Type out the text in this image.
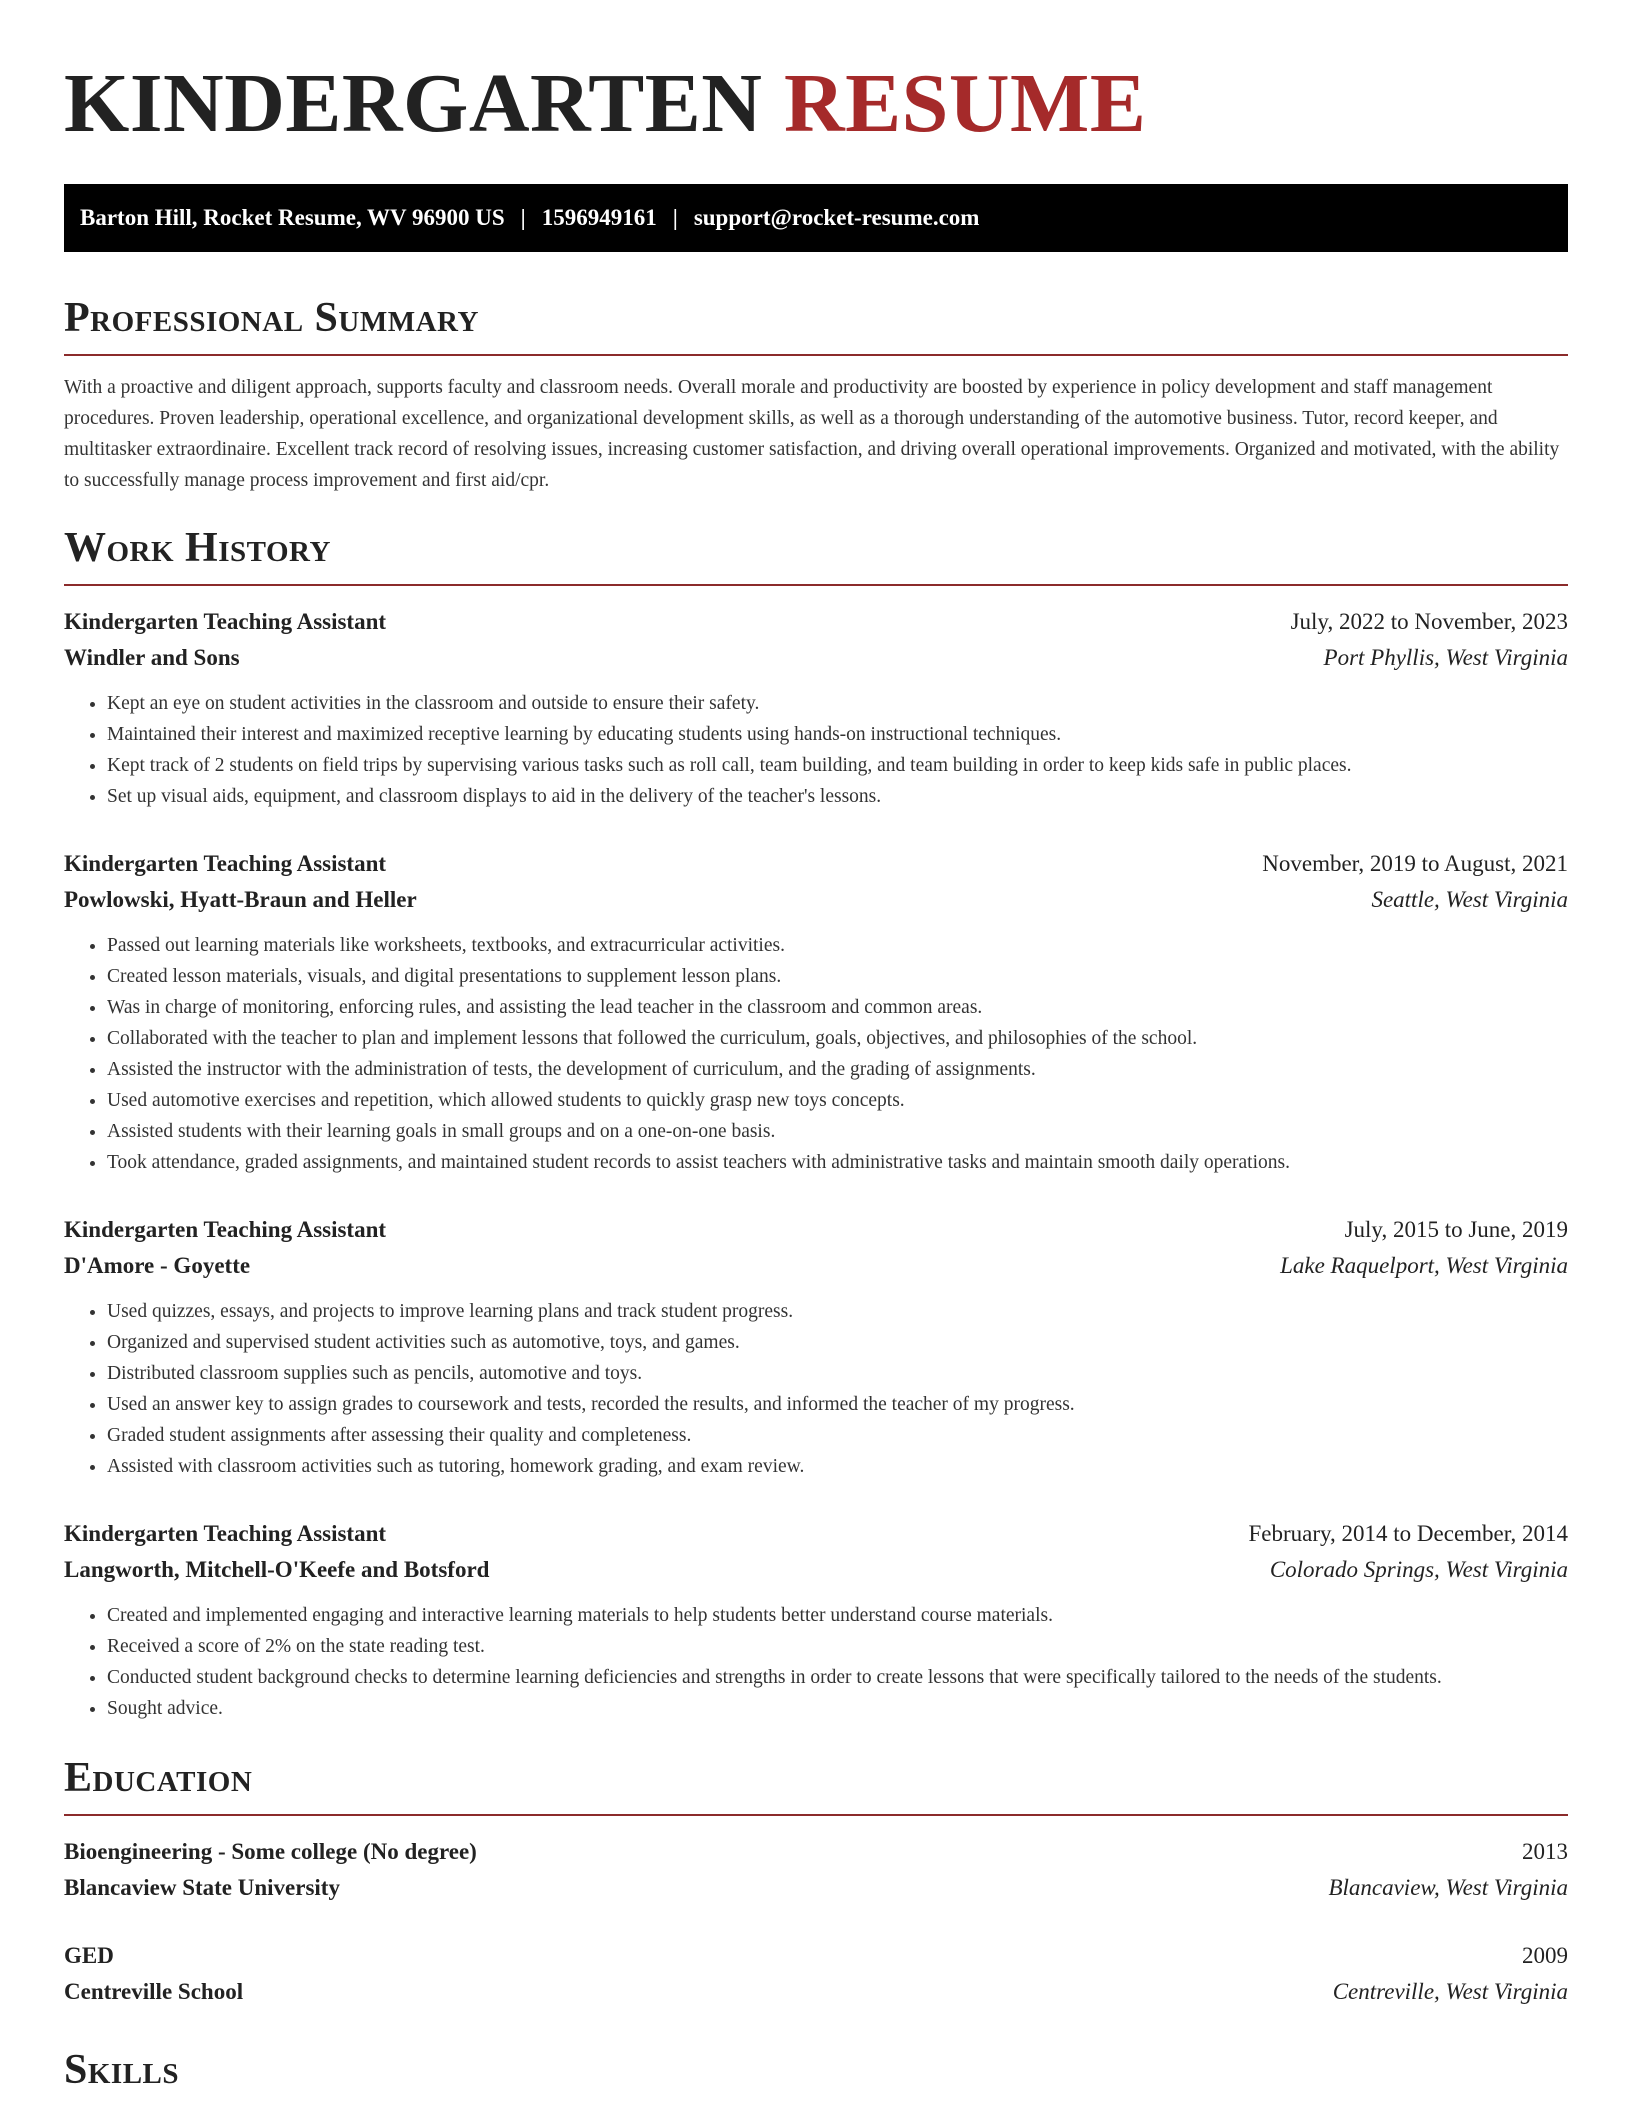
KINDERGARTEN RESUME
Barton Hill, Rocket Resume, WV 96900 US | 1596949161 | support@rocket-resume.com
Professional Summary

With a proactive and diligent approach, supports faculty and classroom needs. Overall morale and productivity are boosted by experience in policy development and staff management procedures. Proven leadership, operational excellence, and organizational development skills, as well as a thorough understanding of the automotive business. Tutor, record keeper, and multitasker extraordinaire. Excellent track record of resolving issues, increasing customer satisfaction, and driving overall operational improvements. Organized and motivated, with the ability to successfully manage process improvement and first aid/cpr.

Work History
Kindergarten Teaching Assistant	July, 2022 to November, 2023
Windler and Sons	Port Phyllis, West Virginia
• Kept an eye on student activities in the classroom and outside to ensure their safety.
• Maintained their interest and maximized receptive learning by educating students using hands-on instructional techniques.
• Kept track of 2 students on field trips by supervising various tasks such as roll call, team building, and team building in order to keep kids safe in public places.
• Set up visual aids, equipment, and classroom displays to aid in the delivery of the teacher's lessons.
Kindergarten Teaching Assistant	November, 2019 to August, 2021
Powlowski, Hyatt-Braun and Heller	Seattle, West Virginia
• Passed out learning materials like worksheets, textbooks, and extracurricular activities.
• Created lesson materials, visuals, and digital presentations to supplement lesson plans.
• Was in charge of monitoring, enforcing rules, and assisting the lead teacher in the classroom and common areas.
• Collaborated with the teacher to plan and implement lessons that followed the curriculum, goals, objectives, and philosophies of the school.
• Assisted the instructor with the administration of tests, the development of curriculum, and the grading of assignments.
• Used automotive exercises and repetition, which allowed students to quickly grasp new toys concepts.
• Assisted students with their learning goals in small groups and on a one-on-one basis.
• Took attendance, graded assignments, and maintained student records to assist teachers with administrative tasks and maintain smooth daily operations.
Kindergarten Teaching Assistant	July, 2015 to June, 2019
D'Amore - Goyette	Lake Raquelport, West Virginia
• Used quizzes, essays, and projects to improve learning plans and track student progress.
• Organized and supervised student activities such as automotive, toys, and games.
• Distributed classroom supplies such as pencils, automotive and toys.
• Used an answer key to assign grades to coursework and tests, recorded the results, and informed the teacher of my progress.
• Graded student assignments after assessing their quality and completeness.
• Assisted with classroom activities such as tutoring, homework grading, and exam review.
Kindergarten Teaching Assistant	February, 2014 to December, 2014
Langworth, Mitchell-O'Keefe and Botsford	Colorado Springs, West Virginia
• Created and implemented engaging and interactive learning materials to help students better understand course materials.
• Received a score of 2% on the state reading test.
• Conducted student background checks to determine learning deficiencies and strengths in order to create lessons that were specifically tailored to the needs of the students.
• Sought advice.
Education
Bioengineering - Some college (No degree)	2013
Blancaview State University	Blancaview, West Virginia
GED	2009
Centreville School	Centreville, West Virginia
Skills
